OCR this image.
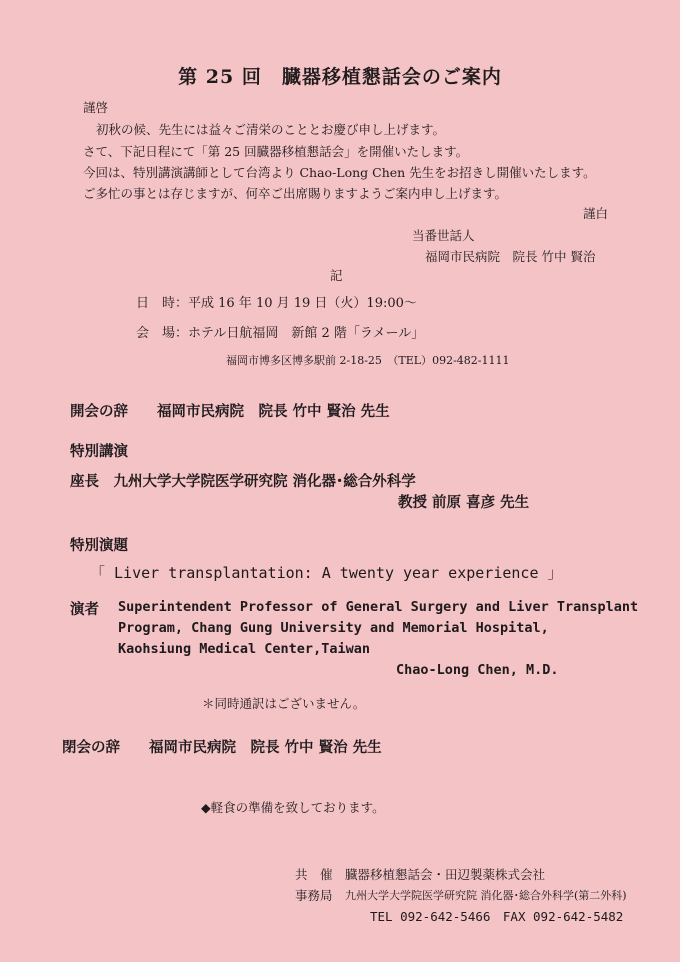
第 25 回　臓器移植懇話会のご案内
謹啓
初秋の候、先生には益々ご清栄のこととお慶び申し上げます。
さて、下記日程にて「第 25 回臓器移植懇話会」を開催いたします。
今回は、特別講演講師として台湾より Chao-Long Chen 先生をお招きし開催いたします。
ご多忙の事とは存じますが、何卒ご出席賜りますようご案内申し上げます。
謹白
当番世話人
福岡市民病院　院長 竹中 賢治
記
日　時：平成 16 年 10 月 19 日（火）19:00～
会　場：ホテル日航福岡　新館 2 階「ラメール」
福岡市博多区博多駅前 2-18-25　（TEL）092-482-1111
開会の辞　　福岡市民病院　院長 竹中 賢治 先生
特別講演
座長　九州大学大学院医学研究院 消化器･総合外科学
教授 前原 喜彦 先生
特別演題
「 Liver transplantation: A twenty year experience 」
演者 Superintendent Professor of General Surgery and Liver Transplant
Program, Chang Gung University and Memorial Hospital,
Kaohsiung Medical Center,Taiwan
Chao-Long Chen, M.D.
＊同時通訳はございません。
閉会の辞　　福岡市民病院　院長 竹中 賢治 先生
◆軽食の準備を致しております。
共　催 臓器移植懇話会・田辺製薬株式会社
事務局 九州大学大学院医学研究院 消化器･総合外科学(第二外科)
TEL 092-642-5466　FAX 092-642-5482
